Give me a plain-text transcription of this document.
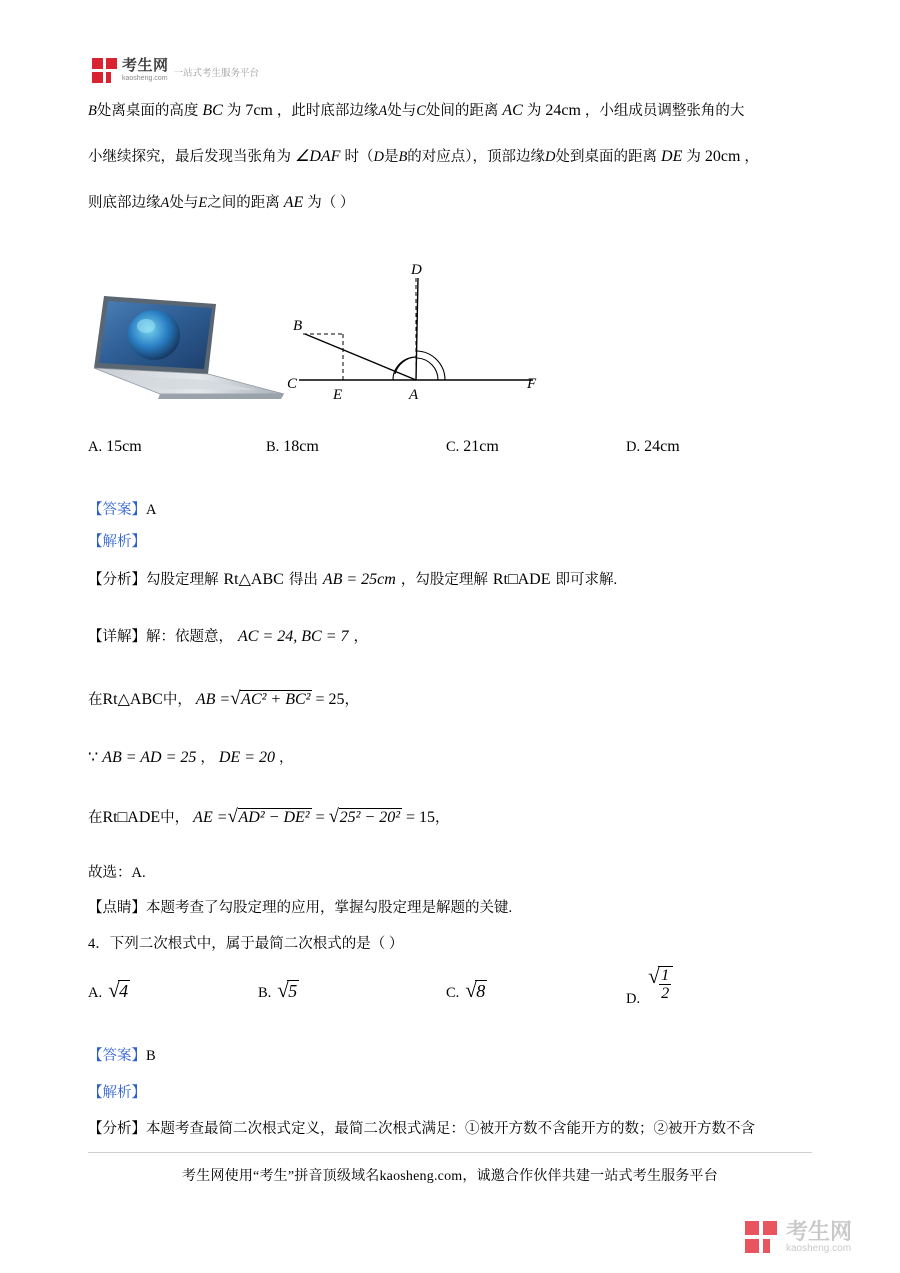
考生网
kaosheng.com 一站式考生服务平台
B处离桌面的高度 BC 为 7cm ，此时底部边缘A处与C处间的距离 AC 为 24cm ，小组成员调整张角的大
小继续探究，最后发现当张角为 ∠DAF 时（D是B的对应点），顶部边缘D处到桌面的距离 DE 为 20cm ，
则底部边缘A处与E之间的距离 AE 为（ ）
D
B
C
E	A
F
A. 15cm	B. 18cm	C. 21cm	D. 24cm
【答案】A
【解析】
【分析】勾股定理解 Rt△ABC 得出 AB = 25cm ，勾股定理解 Rt□ADE 即可求解.
【详解】解：依题意， AC = 24, BC = 7 ，
在Rt△ABC中， AB = √ AC² + BC² = 25，
∵ AB = AD = 25 ， DE = 20 ，
在Rt□ADE中， AE = √ AD² − DE² = √ 25² − 20² = 15，
故选：A.
【点睛】本题考查了勾股定理的应用，掌握勾股定理是解题的关键.
4．下列二次根式中，属于最简二次根式的是（ ）
A. √ 4	B. √ 5	C. √ 8	D. √ $\frac{1}{2}$
【答案】B
【解析】
【分析】本题考查最简二次根式定义，最简二次根式满足：①被开方数不含能开方的数；②被开方数不含
考生网使用“考生”拼音顶级域名kaosheng.com，诚邀合作伙伴共建一站式考生服务平台
考生网
kaosheng.com
